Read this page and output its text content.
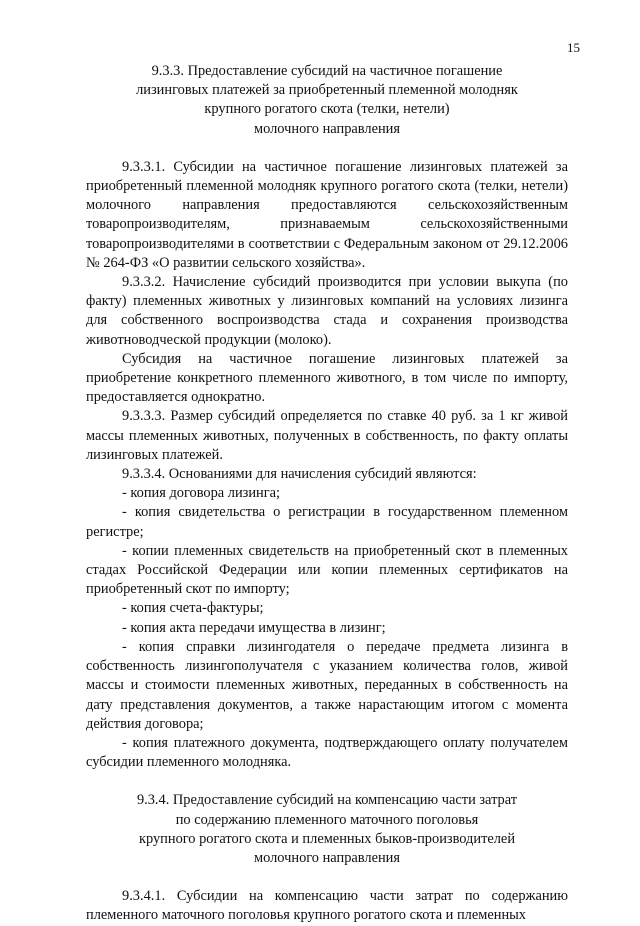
15
9.3.3. Предоставление субсидий на частичное погашение
лизинговых платежей за приобретенный племенной молодняк
крупного рогатого скота (телки, нетели)
молочного направления

9.3.3.1. Субсидии на частичное погашение лизинговых платежей за приобретенный племенной молодняк крупного рогатого скота (телки, нетели) молочного направления предоставляются сельскохозяйственным товаропроизводителям, признаваемым сельскохозяйственными товаропроизводителями в соответствии с Федеральным законом от 29.12.2006 № 264-ФЗ «О развитии сельского хозяйства».

9.3.3.2. Начисление субсидий производится при условии выкупа (по факту) племенных животных у лизинговых компаний на условиях лизинга для собственного воспроизводства стада и сохранения производства животноводческой продукции (молоко).

Субсидия на частичное погашение лизинговых платежей за приобретение конкретного племенного животного, в том числе по импорту, предоставляется однократно.

9.3.3.3. Размер субсидий определяется по ставке 40 руб. за 1 кг живой массы племенных животных, полученных в собственность, по факту оплаты лизинговых платежей.

9.3.3.4. Основаниями для начисления субсидий являются:

- копия договора лизинга;

- копия свидетельства о регистрации в государственном племенном регистре;

- копии племенных свидетельств на приобретенный скот в племенных стадах Российской Федерации или копии племенных сертификатов на приобретенный скот по импорту;

- копия счета-фактуры;

- копия акта передачи имущества в лизинг;

- копия справки лизингодателя о передаче предмета лизинга в собственность лизингополучателя с указанием количества голов, живой массы и стоимости племенных животных, переданных в собственность на дату представления документов, а также нарастающим итогом с момента действия договора;

- копия платежного документа, подтверждающего оплату получателем субсидии племенного молодняка.

9.3.4. Предоставление субсидий на компенсацию части затрат
по содержанию племенного маточного поголовья
крупного рогатого скота и племенных быков-производителей
молочного направления

9.3.4.1. Субсидии на компенсацию части затрат по содержанию племенного маточного поголовья крупного рогатого скота и племенных
